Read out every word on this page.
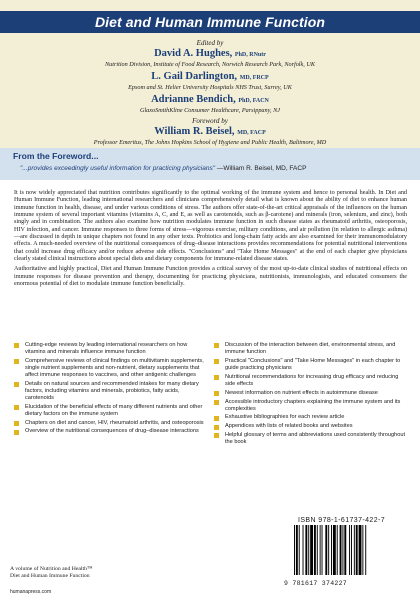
Diet and Human Immune Function
Edited by
David A. Hughes, PhD, RNutr
Nutrition Division, Institute of Food Research, Norwich Research Park, Norfolk, UK
L. Gail Darlington, MD, FRCP
Epsom and St. Helier University Hospitals NHS Trust, Surrey, UK
Adrianne Bendich, PhD, FACN
GlaxoSmithKline Consumer Healthcare, Parsippany, NJ
Foreword by
William R. Beisel, MD, FACP
Professor Emeritus, The Johns Hopkins School of Hygiene and Public Health, Baltimore, MD
From the Foreword...
"...provides exceedingly useful information for practicing physicians" —William R. Beisel, MD, FACP

It is now widely appreciated that nutrition contributes significantly to the optimal working of the immune system and hence to personal health. In Diet and Human Immune Function, leading international researchers and clinicians comprehensively detail what is known about the ability of diet to enhance human immune function in health, disease, and under various conditions of stress. The authors offer state-of-the-art critical appraisals of the influences on the human immune system of several important vitamins (vitamins A, C, and E, as well as carotenoids, such as β-carotene) and minerals (iron, selenium, and zinc), both singly and in combination. The authors also examine how nutrition modulates immune function in such disease states as rheumatoid arthritis, osteoporosis, HIV infection, and cancer. Immune responses to three forms of stress—vigorous exercise, military conditions, and air pollution (in relation to allergic asthma)—are discussed in depth in unique chapters not found in any other texts. Probiotics and long-chain fatty acids are also examined for their immunomodulatory effects. A much-needed overview of the nutritional consequences of drug–disease interactions provides recommendations for potential nutritional interventions that could increase drug efficacy and/or reduce adverse side effects. "Conclusions" and "Take Home Messages" at the end of each chapter give physicians clearly stated clinical instructions about special diets and dietary components for immune-related disease states.

Authoritative and highly practical, Diet and Human Immune Function provides a critical survey of the most up-to-date clinical studies of nutritional effects on immune responses for disease prevention and therapy, documenting for practicing physicians, nutritionists, immunologists, and educated consumers the enormous potential of diet to modulate immune function beneficially.

Cutting-edge reviews by leading international researchers on how vitamins and minerals influence immune function
Comprehensive reviews of clinical findings on multivitamin supplements, single nutrient supplements and non-nutrient, dietary supplements that affect immune responses to vaccines, and other antigenic challenges
Details on natural sources and recommended intakes for many dietary factors, including vitamins and minerals, probiotics, fatty acids, carotenoids
Elucidation of the beneficial effects of many different nutrients and other dietary factors on the immune system
Chapters on diet and cancer, HIV, rheumatoid arthritis, and osteoporosis
Overview of the nutritional consequences of drug–disease interactions
Discussion of the interaction between diet, environmental stress, and immune function
Practical "Conclusions" and "Take Home Messages" in each chapter to guide practicing physicians
Nutritional recommendations for increasing drug efficacy and reducing side effects
Newest information on nutrient effects in autoimmune disease
Accessible introductory chapters explaining the immune system and its complexities
Exhaustive bibliographies for each review article
Appendices with lists of related books and websites
Helpful glossary of terms and abbreviations used consistently throughout the book
ISBN 978-1-61737-422-7
9 781617 374227
A volume of Nutrition and Health™
Diet and Human Immune Function
humanapress.com
